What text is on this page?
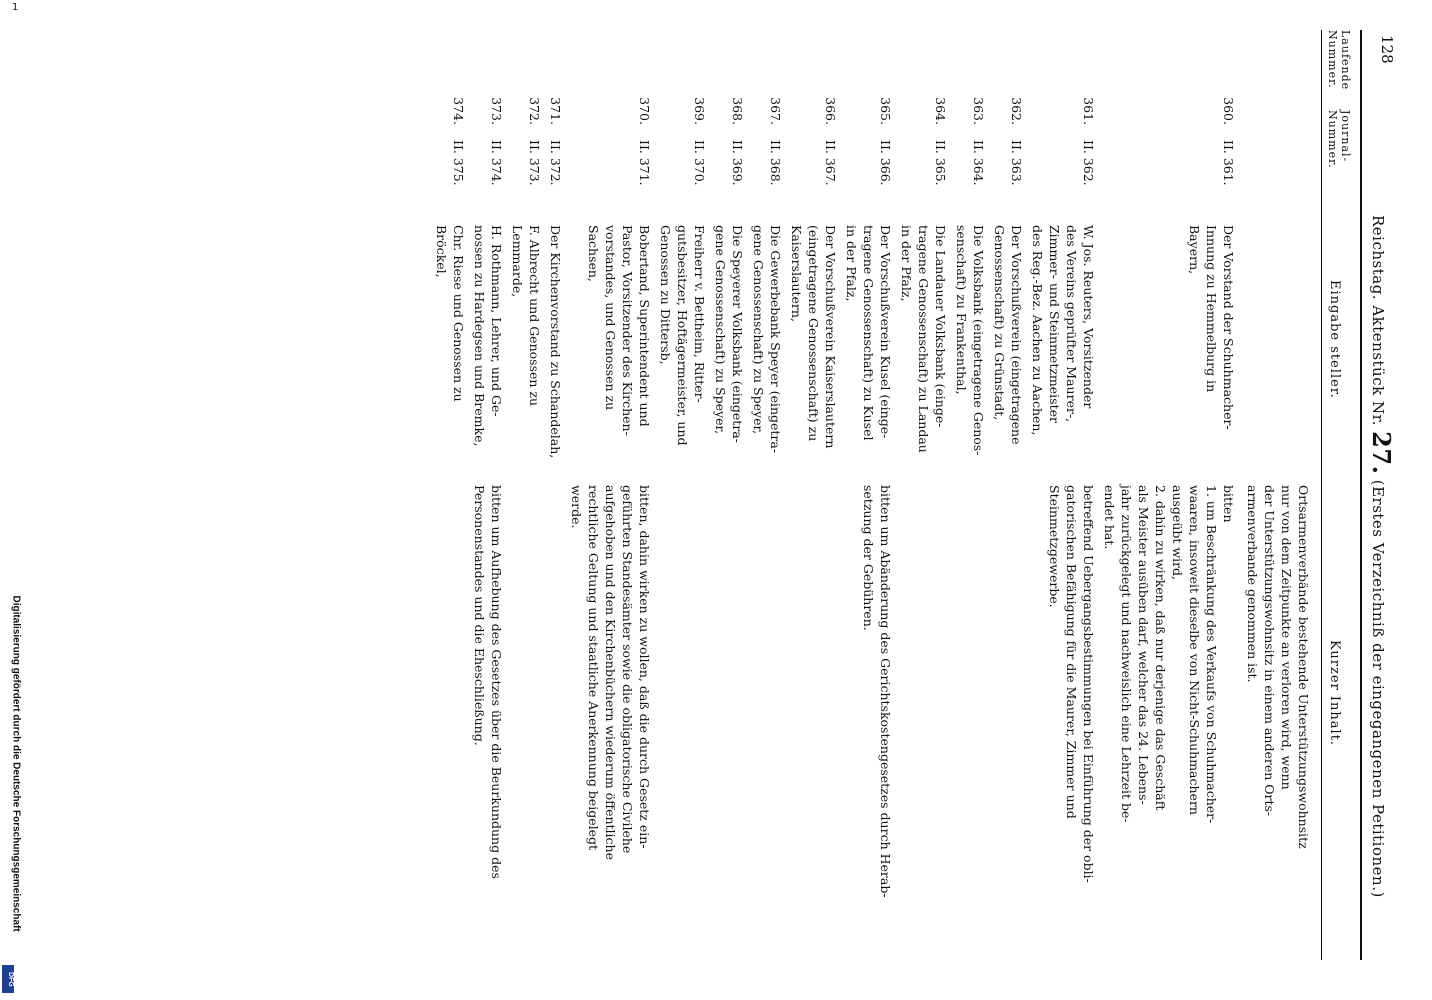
1
Digitalisierung gefördert durch die Deutsche Forschungsgemeinschaft
DFG
128
Reichstag. Aktenstück Nr. 27. (Erstes Verzeichniß der eingegangenen Petitionen.)
Laufende Nummer.
Journal-Nummer.
Eingabe steller.
Kurzer Inhalt.
Ortsarmenverbände bestehende Unterstützungswohnsitz
nur von dem Zeitpunkte an verloren wird, wenn
der Unterstützungswohnsitz in einem anderen Orts-
armenverbande genommen ist.
360.
II. 361.
Der Vorstand der Schuhmacher-
Innung zu Hemmelburg in
Bayern,
bitten
1. um Beschränkung des Verkaufs von Schuhmacher-
waaren, insoweit dieselbe von Nicht-Schuhmachern
ausgeübt wird,
2. dahin zu wirken, daß nur derjenige das Geschäft
als Meister ausüben darf, welcher das 24. Lebens-
jahr zurückgelegt und nachweislich eine Lehrzeit be-
endet hat.
361.
II. 362.
W. Jos. Reuters, Vorsitzender
des Vereins geprüfter Maurer-,
Zimmer- und Steinmetzmeister
des Reg.-Bez. Aachen zu Aachen,
betreffend Uebergangsbestimmungen bei Einführung der obli-
gatorischen Befähigung für die Maurer, Zimmer und
Steinmetzgewerbe.
362.
II. 363.
Der Vorschußverein (eingetragene
Genossenschaft) zu Grünstadt,
363.
II. 364.
Die Volksbank (eingetragene Genos-
senschaft) zu Frankenthal,
364.
II. 365.
Die Landauer Volksbank (einge-
tragene Genossenschaft) zu Landau
in der Pfalz,
365.
II. 366.
Der Vorschußverein Kusel (einge-
tragene Genossenschaft) zu Kusel
in der Pfalz,
bitten um Abänderung des Gerichtskostengesetzes durch Herab-
setzung der Gebühren.
366.
II. 367.
Der Vorschußverein Kaiserslautern
(eingetragene Genossenschaft) zu
Kaiserslautern,
367.
II. 368.
Die Gewerbebank Speyer (eingetra-
gene Genossenschaft) zu Speyer,
368.
II. 369.
Die Speyerer Volksbank (eingetra-
gene Genossenschaft) zu Speyer,
369.
II. 370.
Freiherr v. Bettheim, Ritter-
gutsbesitzer, Hoftägermeister, und
Genossen zu Dittersb,
370.
II. 371.
Bobertand, Superintendent und
Pastor, Vorsitzender des Kirchen-
vorstandes, und Genossen zu
Sachsen,
bitten, dahin wirken zu wollen, daß die durch Gesetz ein-
geführten Standesämter sowie die obligatorische Civilehe
aufgehoben und den Kirchenbüchern wiederum öffentliche
rechtliche Geltung und staatliche Anerkennung beigelegt
werde.
371.
II. 372.
Der Kirchenvorstand zu Schandelah,
372.
II. 373.
F. Albrecht und Genossen zu
Lemmarde,
373.
II. 374.
H. Rothmann, Lehrer, und Ge-
nossen zu Hardegsen und Bremke,
bitten um Aufhebung des Gesetzes über die Beurkundung des
Personenstandes und die Eheschließung.
374.
II. 375.
Chr. Riese und Genossen zu
Bröckel,
